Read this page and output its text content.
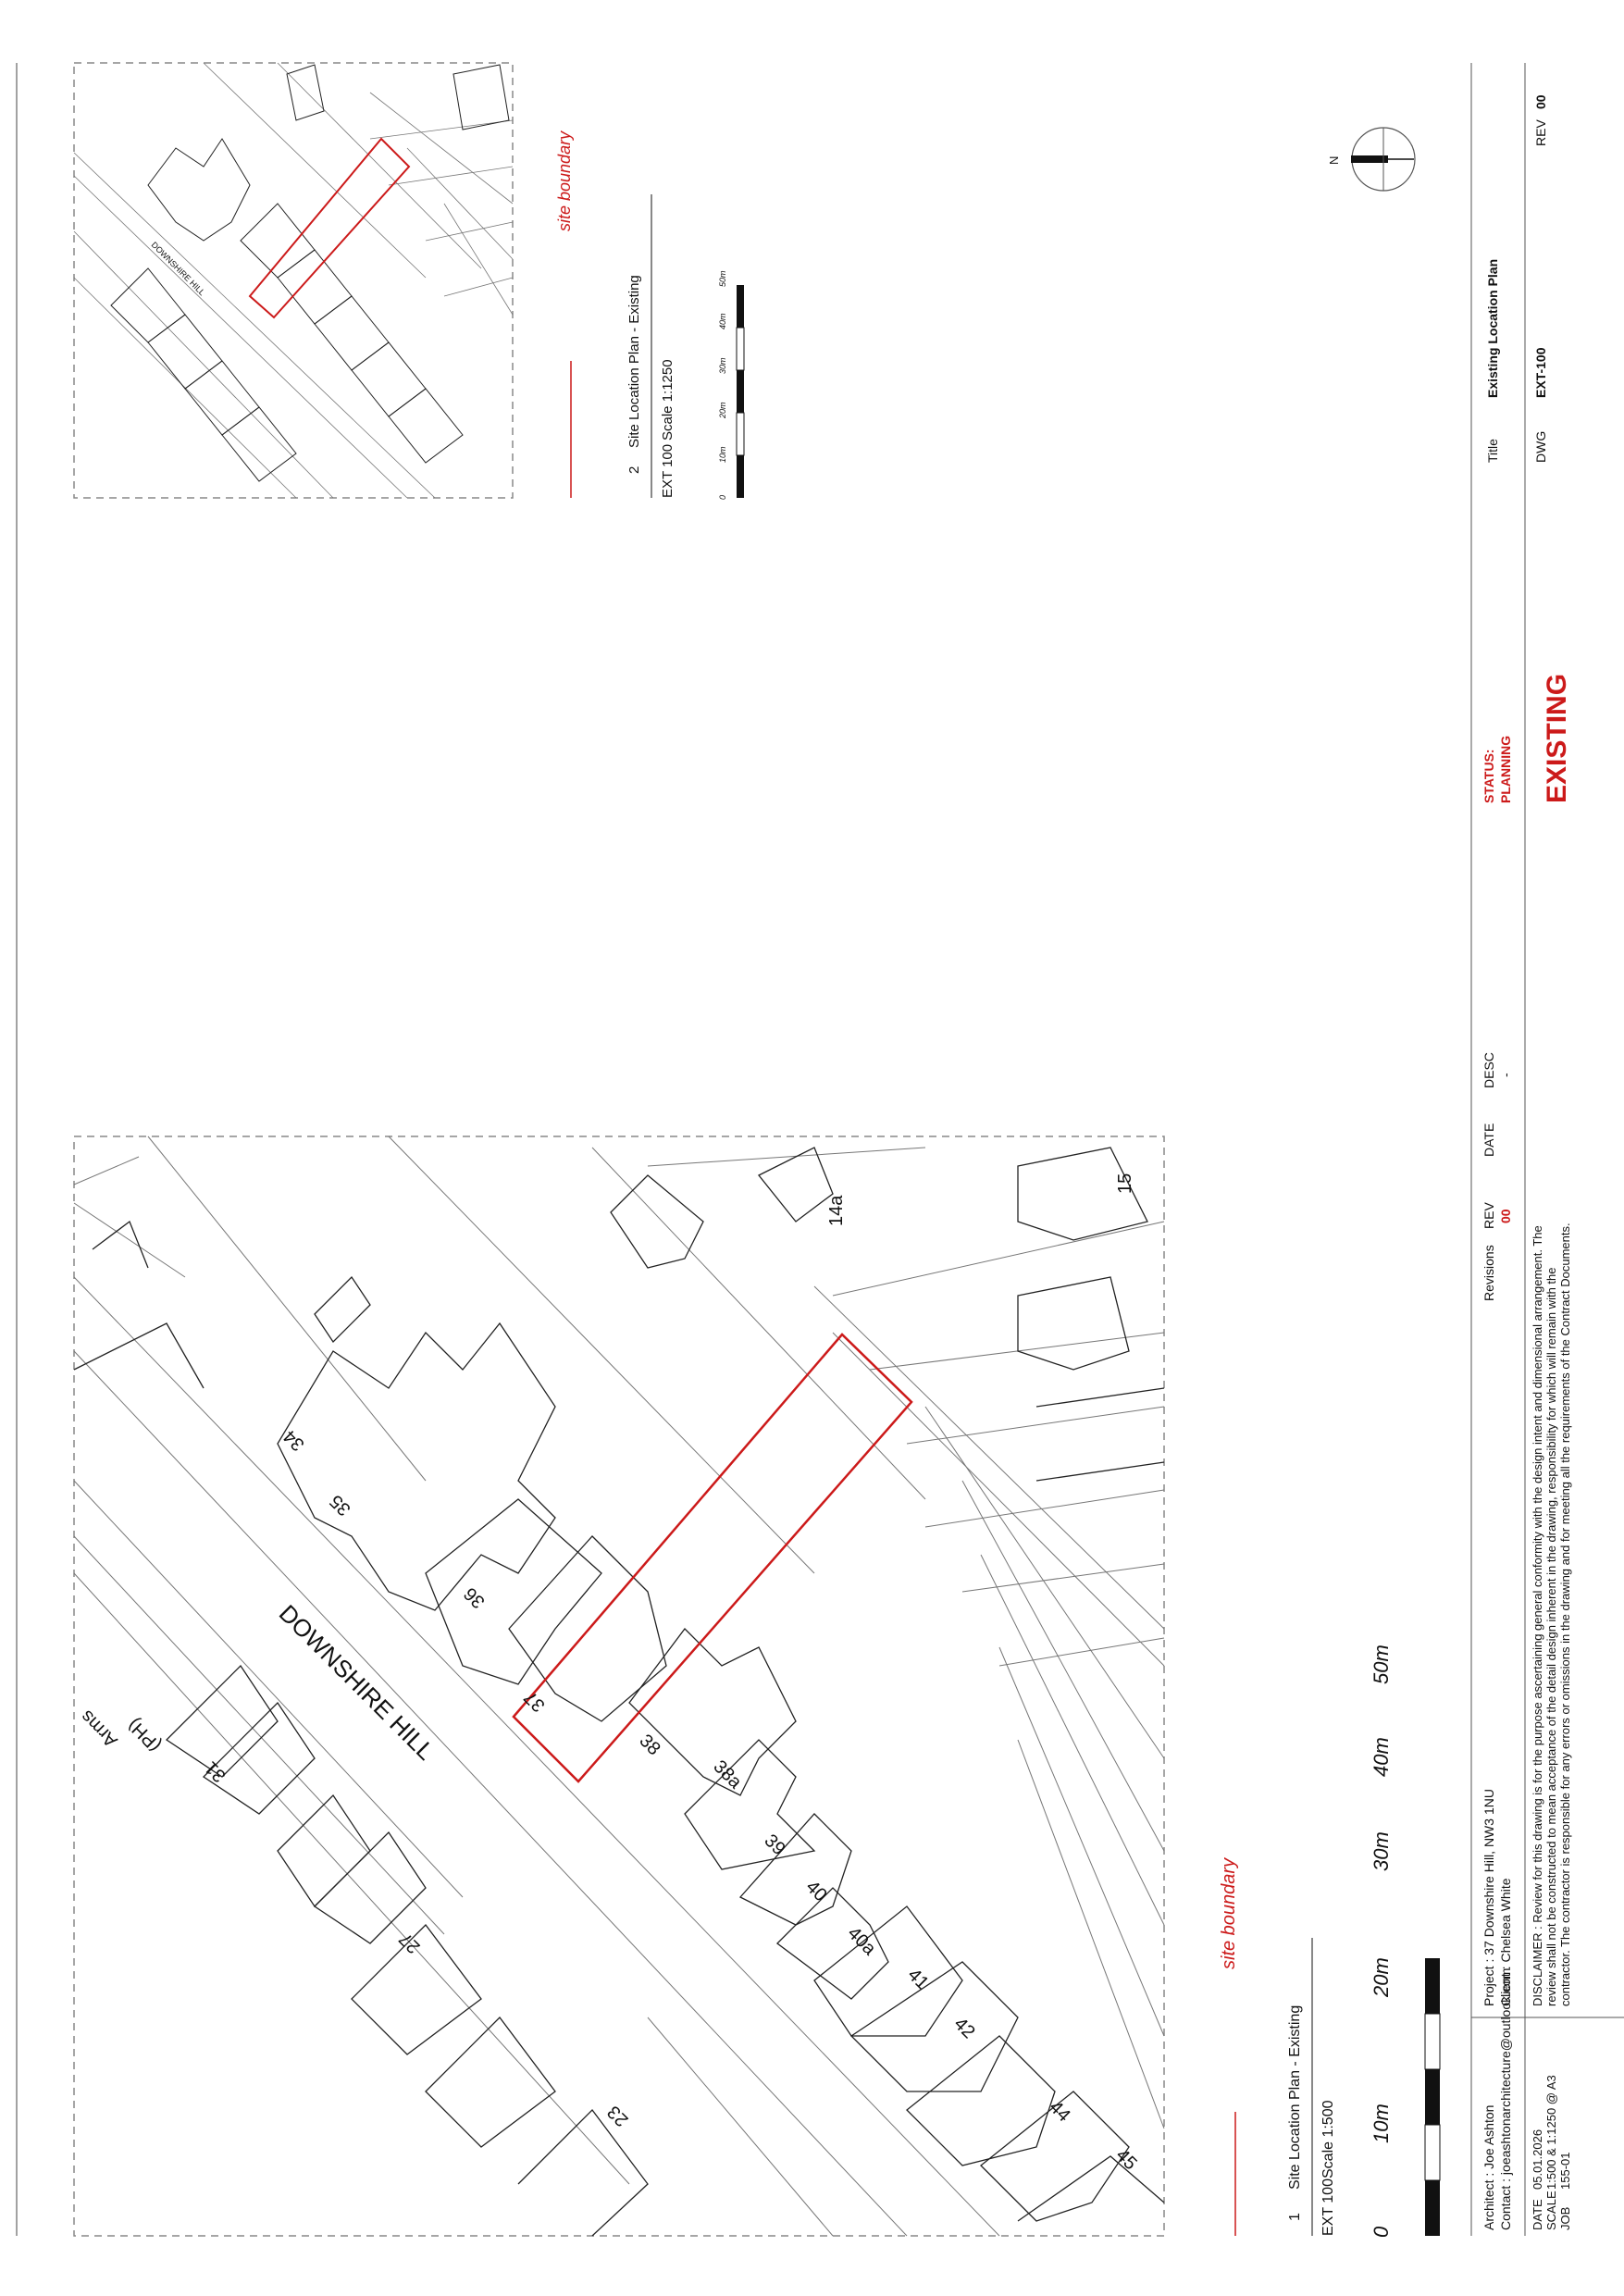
DOWNSHIRE HILL
34
35
36
37
38
38a
39
40
40a
41
42
44
45
31
27
23
14a
15
Arms (PH)
site boundary
1
Site Location Plan - Existing
EXT 100
Scale 1:500
0
10m
20m
30m
40m
50m
DOWNSHIRE HILL
site boundary
2
Site Location Plan - Existing
EXT 100
Scale 1:1250
0
10m
20m
30m
40m
50m
N
Architect : Joe Ashton Contact : joeashtonarchitecture@outlook.com
Project : 37 Downshire Hill, NW3 1NU Client : Chelsea White
Revisions
REV 00
DATE
DESC -
STATUS: PLANNING
Title
Existing Location Plan
REV
00
DWG
EXT-100
DATE SCALE JOB
05.01.2026 1:500 & 1:1250 @ A3 155-01
DISCLAIMER : Review for this drawing is for the purpose ascertaining general conformity with the design intent and dimensional arrangement. The review shall not be constructed to mean acceptance of the detail design inherent in the drawing, responsibility for which will remain with the contractor. The contractor is responsible for any errors or omissions in the drawing and for meeting all the requirements of the Contract Documents.
EXISTING
